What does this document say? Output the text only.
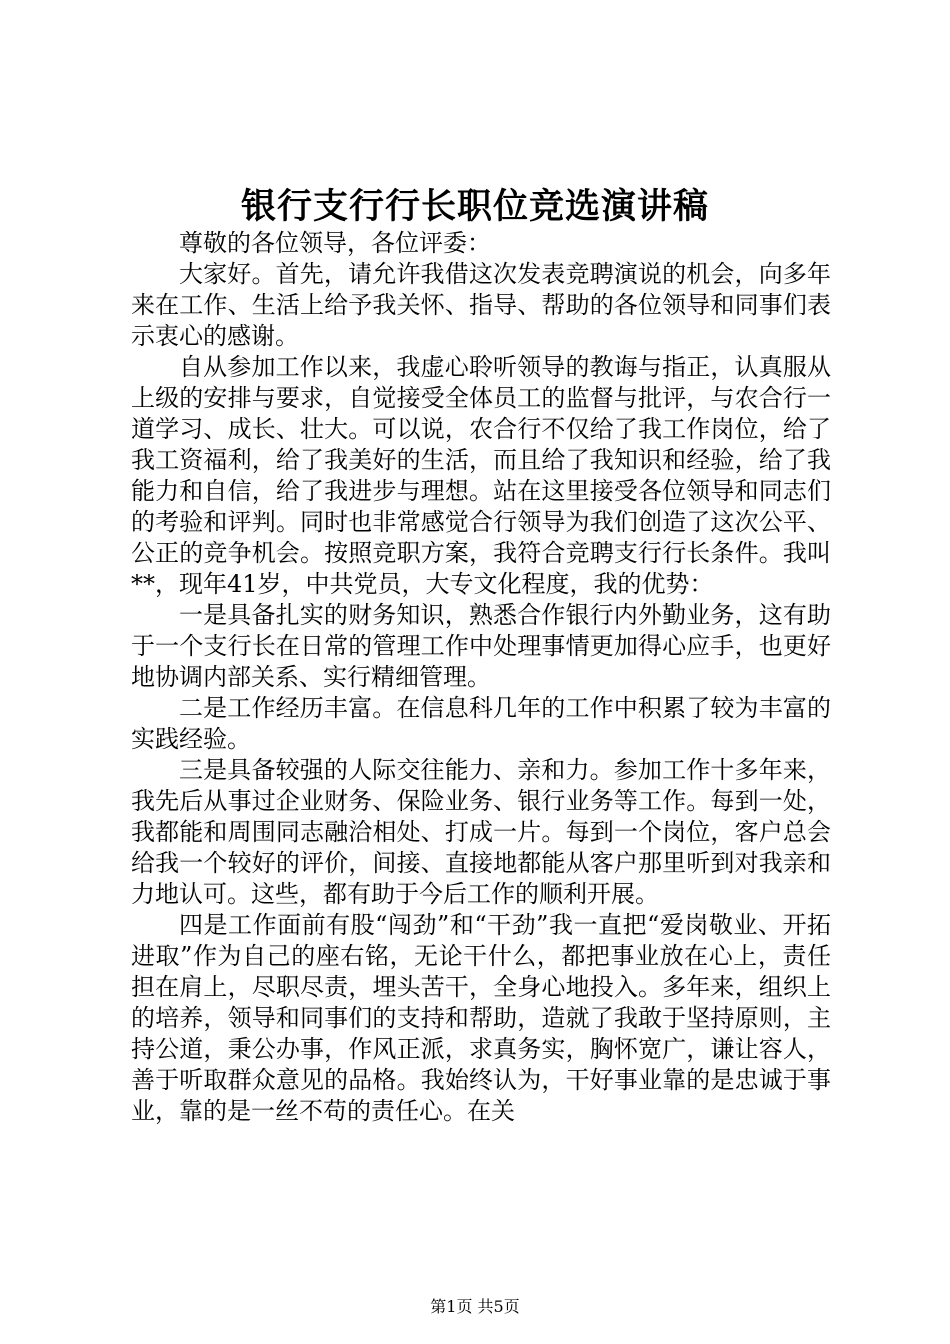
银行支行行长职位竞选演讲稿

尊敬的各位领导，各位评委：

大家好。首先，请允许我借这次发表竞聘演说的机会，向多年来在工作、生活上给予我关怀、指导、帮助的各位领导和同事们表示衷心的感谢。

自从参加工作以来，我虚心聆听领导的教诲与指正，认真服从上级的安排与要求，自觉接受全体员工的监督与批评，与农合行一道学习、成长、壮大。可以说，农合行不仅给了我工作岗位，给了我工资福利，给了我美好的生活，而且给了我知识和经验，给了我能力和自信，给了我进步与理想。站在这里接受各位领导和同志们的考验和评判。同时也非常感觉合行领导为我们创造了这次公平、公正的竞争机会。按照竞职方案，我符合竞聘支行行长条件。我叫**，现年41岁，中共党员，大专文化程度，我的优势：

一是具备扎实的财务知识，熟悉合作银行内外勤业务，这有助于一个支行长在日常的管理工作中处理事情更加得心应手，也更好地协调内部关系、实行精细管理。

二是工作经历丰富。在信息科几年的工作中积累了较为丰富的实践经验。

三是具备较强的人际交往能力、亲和力。参加工作十多年来，我先后从事过企业财务、保险业务、银行业务等工作。每到一处，我都能和周围同志融洽相处、打成一片。每到一个岗位，客户总会给我一个较好的评价，间接、直接地都能从客户那里听到对我亲和力地认可。这些，都有助于今后工作的顺利开展。

四是工作面前有股“闯劲”和“干劲”我一直把“爱岗敬业、开拓进取”作为自己的座右铭，无论干什么，都把事业放在心上，责任担在肩上，尽职尽责，埋头苦干，全身心地投入。多年来，组织上的培养，领导和同事们的支持和帮助，造就了我敢于坚持原则，主持公道，秉公办事，作风正派，求真务实，胸怀宽广，谦让容人，善于听取群众意见的品格。我始终认为，干好事业靠的是忠诚于事业，靠的是一丝不苟的责任心。在关

第1页 共5页
